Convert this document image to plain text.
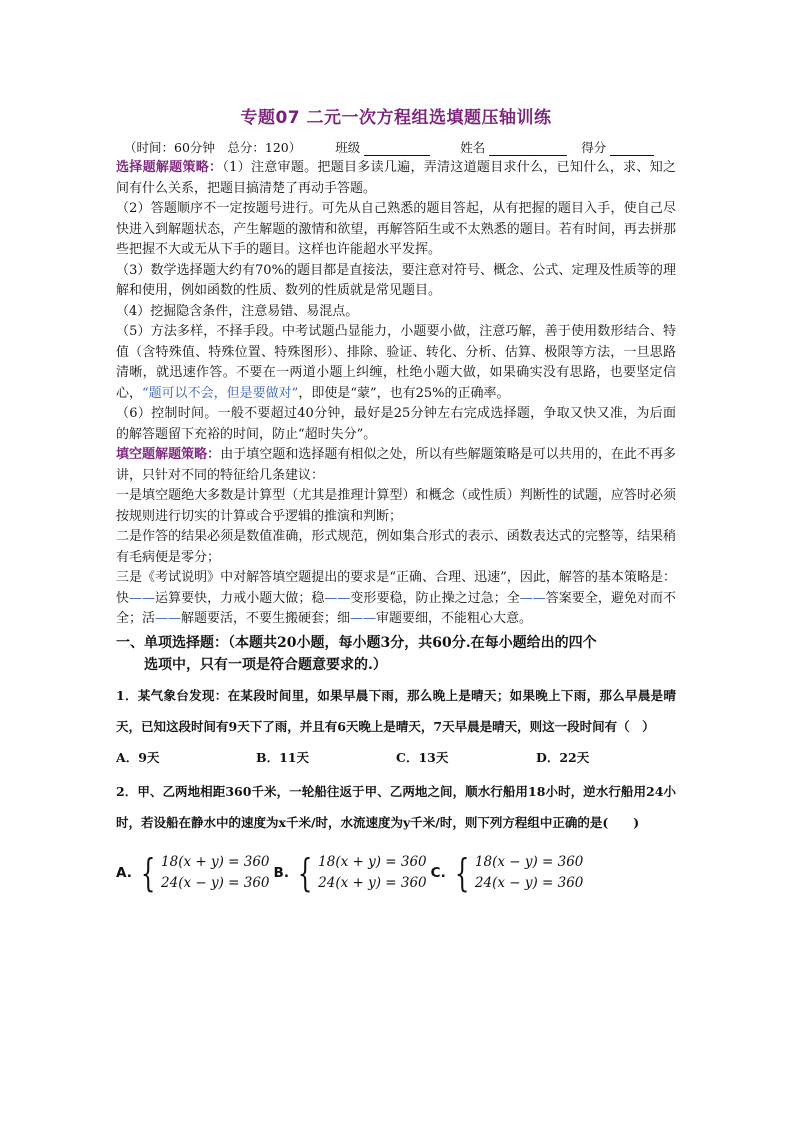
专题07 二元一次方程组选填题压轴训练

（时间：60分钟　总分：120）	班级	姓名	得分

选择题解题策略：（1）注意审题。把题目多读几遍，弄清这道题目求什么，已知什么，求、知之间有什么关系，把题目搞清楚了再动手答题。

（2）答题顺序不一定按题号进行。可先从自己熟悉的题目答起，从有把握的题目入手，使自己尽快进入到解题状态，产生解题的激情和欲望，再解答陌生或不太熟悉的题目。若有时间，再去拼那些把握不大或无从下手的题目。这样也许能超水平发挥。

（3）数学选择题大约有70%的题目都是直接法，要注意对符号、概念、公式、定理及性质等的理解和使用，例如函数的性质、数列的性质就是常见题目。

（4）挖掘隐含条件，注意易错、易混点。

（5）方法多样，不择手段。中考试题凸显能力，小题要小做，注意巧解，善于使用数形结合、特值（含特殊值、特殊位置、特殊图形）、排除、验证、转化、分析、估算、极限等方法，一旦思路清晰，就迅速作答。不要在一两道小题上纠缠，杜绝小题大做，如果确实没有思路，也要坚定信心，“题可以不会，但是要做对”，即使是“蒙”，也有25%的正确率。

（6）控制时间。一般不要超过40分钟，最好是25分钟左右完成选择题，争取又快又准，为后面的解答题留下充裕的时间，防止“超时失分”。

填空题解题策略：由于填空题和选择题有相似之处，所以有些解题策略是可以共用的，在此不再多讲，只针对不同的特征给几条建议：

一是填空题绝大多数是计算型（尤其是推理计算型）和概念（或性质）判断性的试题，应答时必须按规则进行切实的计算或合乎逻辑的推演和判断；

二是作答的结果必须是数值准确，形式规范，例如集合形式的表示、函数表达式的完整等，结果稍有毛病便是零分；

三是《考试说明》中对解答填空题提出的要求是“正确、合理、迅速”，因此，解答的基本策略是：快——运算要快，力戒小题大做；稳——变形要稳，防止操之过急；全——答案要全，避免对而不全；活——解题要活，不要生搬硬套；细——审题要细，不能粗心大意。

一、单项选择题：（本题共20小题，每小题3分，共60分.在每小题给出的四个
选项中，只有一项是符合题意要求的.）

1．某气象台发现：在某段时间里，如果早晨下雨，那么晚上是晴天；如果晚上下雨，那么早晨是晴天，已知这段时间有9天下了雨，并且有6天晚上是晴天，7天早晨是晴天，则这一段时间有（　）

A．9天	B．11天	C．13天	D．22天

2．甲、乙两地相距360千米，一轮船往返于甲、乙两地之间，顺水行船用18小时，逆水行船用24小时，若设船在静水中的速度为x千米/时，水流速度为y千米/时，则下列方程组中正确的是(　　)

A. { 18(x + y) = 360
24(x − y) = 360
B. { 18(x + y) = 360
24(x + y) = 360
C. { 18(x − y) = 360
24(x − y) = 360
